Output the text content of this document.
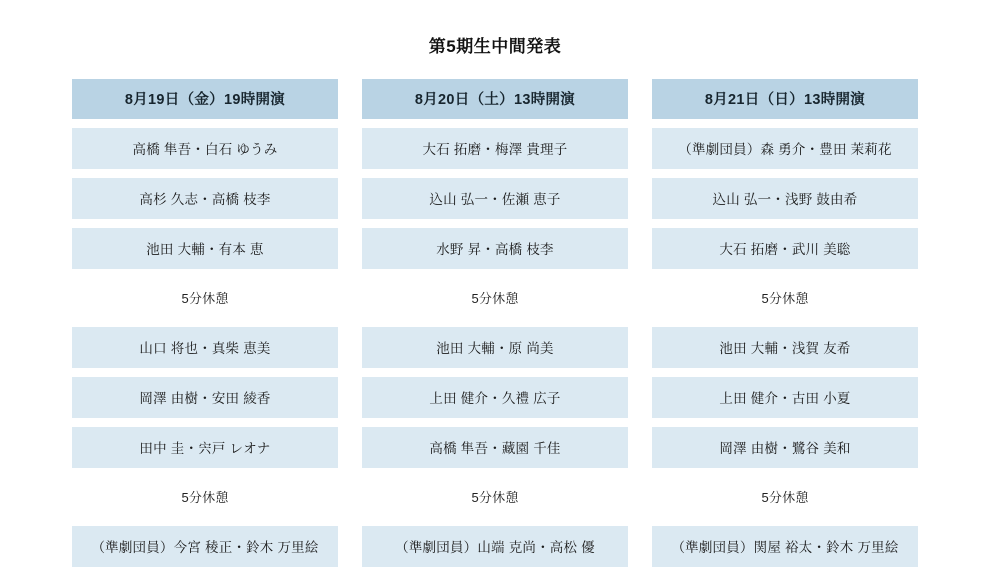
第5期生中間発表
8月19日（金）19時開演
高橋 隼吾・白石 ゆうみ
高杉 久志・高橋 枝李
池田 大輔・有本 恵
5分休憩
山口 将也・真柴 恵美
岡澤 由樹・安田 綾香
田中 圭・宍戸 レオナ
5分休憩
（準劇団員）今宮 稜正・鈴木 万里絵
8月20日（土）13時開演
大石 拓磨・梅澤 貴理子
込山 弘一・佐瀬 恵子
水野 昇・高橋 枝李
5分休憩
池田 大輔・原 尚美
上田 健介・久禮 広子
高橋 隼吾・藏園 千佳
5分休憩
（準劇団員）山端 克尚・高松 優
8月21日（日）13時開演
（準劇団員）森 勇介・豊田 茉莉花
込山 弘一・浅野 鼓由希
大石 拓磨・武川 美聡
5分休憩
池田 大輔・浅賀 友希
上田 健介・古田 小夏
岡澤 由樹・鷺谷 美和
5分休憩
（準劇団員）関屋 裕太・鈴木 万里絵
